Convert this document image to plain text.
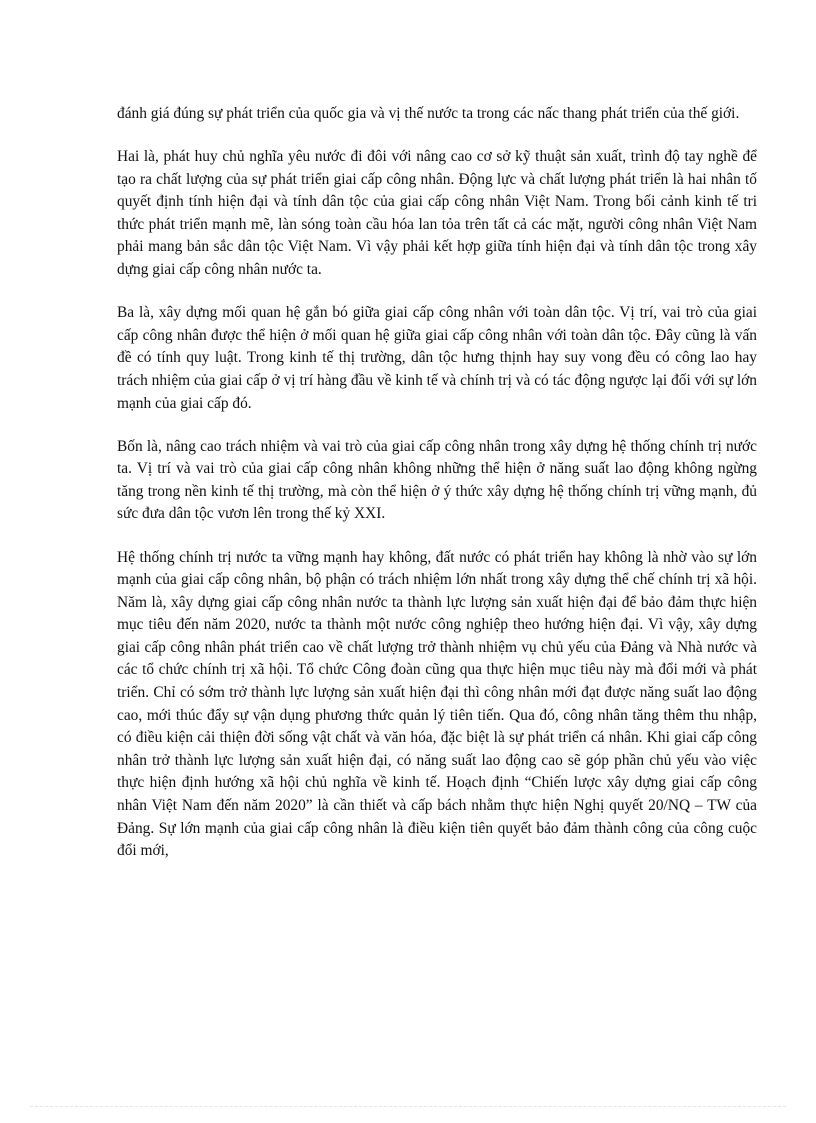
đánh giá đúng sự phát triển của quốc gia và vị thế nước ta trong các nấc thang phát triển của thế giới.

Hai là, phát huy chủ nghĩa yêu nước đi đôi với nâng cao cơ sở kỹ thuật sản xuất, trình độ tay nghề để tạo ra chất lượng của sự phát triển giai cấp công nhân. Động lực và chất lượng phát triển là hai nhân tố quyết định tính hiện đại và tính dân tộc của giai cấp công nhân Việt Nam. Trong bối cảnh kinh tế tri thức phát triển mạnh mẽ, làn sóng toàn cầu hóa lan tỏa trên tất cả các mặt, người công nhân Việt Nam phải mang bản sắc dân tộc Việt Nam. Vì vậy phải kết hợp giữa tính hiện đại và tính dân tộc trong xây dựng giai cấp công nhân nước ta.

Ba là, xây dựng mối quan hệ gắn bó giữa giai cấp công nhân với toàn dân tộc. Vị trí, vai trò của giai cấp công nhân được thể hiện ở mối quan hệ giữa giai cấp công nhân với toàn dân tộc. Đây cũng là vấn đề có tính quy luật. Trong kinh tế thị trường, dân tộc hưng thịnh hay suy vong đều có công lao hay trách nhiệm của giai cấp ở vị trí hàng đầu về kinh tế và chính trị và có tác động ngược lại đối với sự lớn mạnh của giai cấp đó.

Bốn là, nâng cao trách nhiệm và vai trò của giai cấp công nhân trong xây dựng hệ thống chính trị nước ta. Vị trí và vai trò của giai cấp công nhân không những thể hiện ở năng suất lao động không ngừng tăng trong nền kinh tế thị trường, mà còn thể hiện ở ý thức xây dựng hệ thống chính trị vững mạnh, đủ sức đưa dân tộc vươn lên trong thế kỷ XXI.

Hệ thống chính trị nước ta vững mạnh hay không, đất nước có phát triển hay không là nhờ vào sự lớn mạnh của giai cấp công nhân, bộ phận có trách nhiệm lớn nhất trong xây dựng thể chế chính trị xã hội. Năm là, xây dựng giai cấp công nhân nước ta thành lực lượng sản xuất hiện đại để bảo đảm thực hiện mục tiêu đến năm 2020, nước ta thành một nước công nghiệp theo hướng hiện đại. Vì vậy, xây dựng giai cấp công nhân phát triển cao về chất lượng trở thành nhiệm vụ chủ yếu của Đảng và Nhà nước và các tổ chức chính trị xã hội. Tổ chức Công đoàn cũng qua thực hiện mục tiêu này mà đổi mới và phát triển. Chỉ có sớm trở thành lực lượng sản xuất hiện đại thì công nhân mới đạt được năng suất lao động cao, mới thúc đẩy sự vận dụng phương thức quản lý tiên tiến. Qua đó, công nhân tăng thêm thu nhập, có điều kiện cải thiện đời sống vật chất và văn hóa, đặc biệt là sự phát triển cá nhân. Khi giai cấp công nhân trở thành lực lượng sản xuất hiện đại, có năng suất lao động cao sẽ góp phần chủ yếu vào việc thực hiện định hướng xã hội chủ nghĩa về kinh tế. Hoạch định “Chiến lược xây dựng giai cấp công nhân Việt Nam đến năm 2020” là cần thiết và cấp bách nhằm thực hiện Nghị quyết 20/NQ – TW của Đảng. Sự lớn mạnh của giai cấp công nhân là điều kiện tiên quyết bảo đảm thành công của công cuộc đổi mới,
